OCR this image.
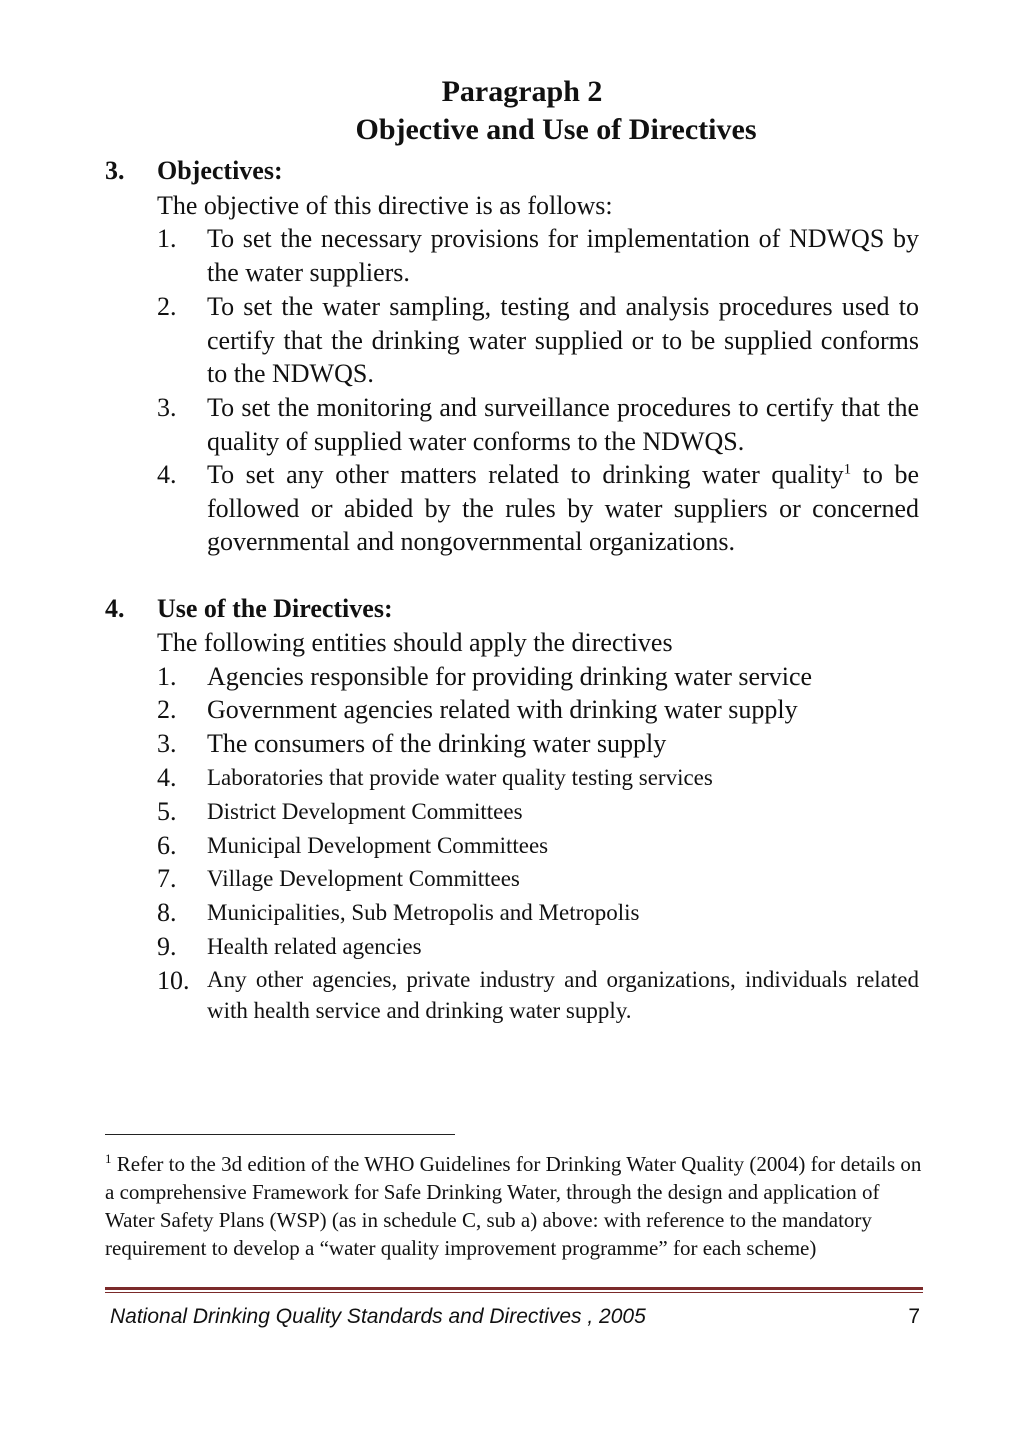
Paragraph 2
Objective and Use of Directives
3. Objectives:
The objective of this directive is as follows:
1. To set the necessary provisions for implementation of NDWQS by the water suppliers.
2. To set the water sampling, testing and analysis procedures used to certify that the drinking water supplied or to be supplied conforms to the NDWQS.
3. To set the monitoring and surveillance procedures to certify that the quality of supplied water conforms to the NDWQS.
4. To set any other matters related to drinking water quality$^1$ to be followed or abided by the rules by water suppliers or concerned governmental and nongovernmental organizations.
4. Use of the Directives:
The following entities should apply the directives
1. Agencies responsible for providing drinking water service
2. Government agencies related with drinking water supply
3. The consumers of the drinking water supply
4. Laboratories that provide water quality testing services
5. District Development Committees
6. Municipal Development Committees
7. Village Development Committees
8. Municipalities, Sub Metropolis and Metropolis
9. Health related agencies
10. Any other agencies, private industry and organizations, individuals related with health service and drinking water supply.
$^1$ Refer to the 3d edition of the WHO Guidelines for Drinking Water Quality (2004) for details on a comprehensive Framework for Safe Drinking Water, through the design and application of Water Safety Plans (WSP) (as in schedule C, sub a) above: with reference to the mandatory requirement to develop a “water quality improvement programme” for each scheme)
National Drinking Quality Standards and Directives , 2005	7
